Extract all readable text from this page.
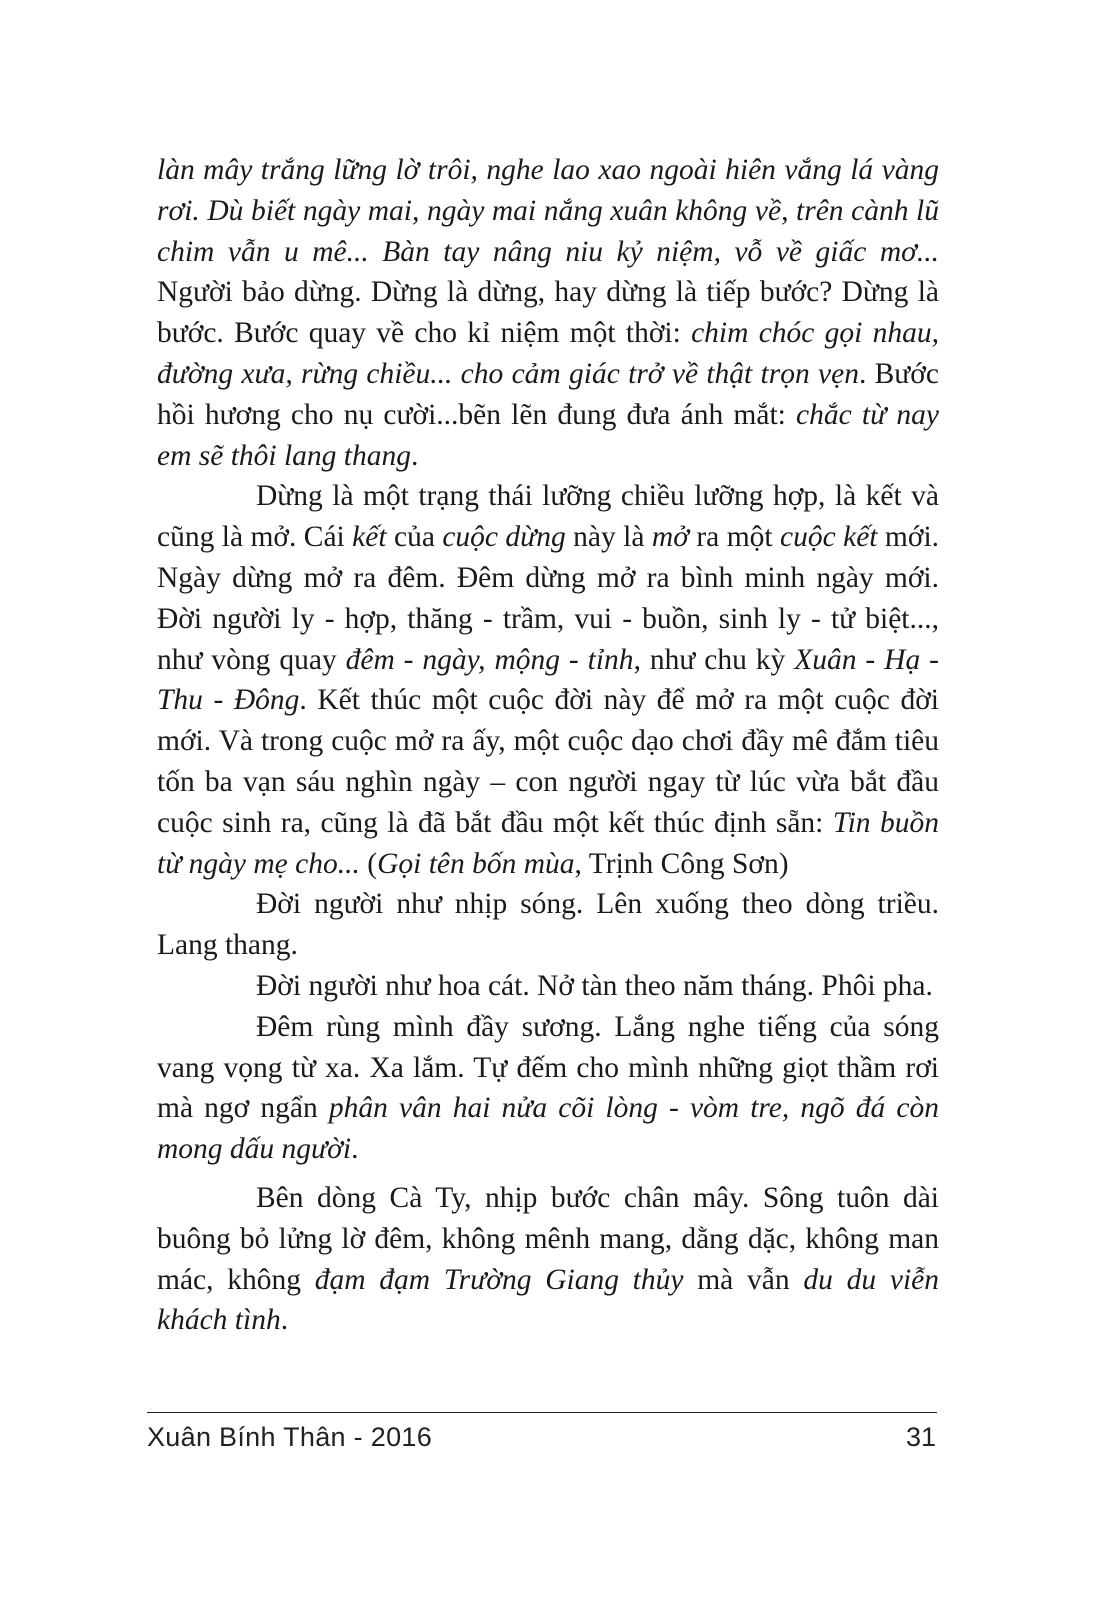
làn mây trắng lững lờ trôi, nghe lao xao ngoài hiên vắng lá vàng rơi. Dù biết ngày mai, ngày mai nắng xuân không về, trên cành lũ chim vẫn u mê... Bàn tay nâng niu kỷ niệm, vỗ về giấc mơ... Người bảo dừng. Dừng là dừng, hay dừng là tiếp bước? Dừng là bước. Bước quay về cho kỉ niệm một thời: chim chóc gọi nhau, đường xưa, rừng chiều... cho cảm giác trở về thật trọn vẹn. Bước hồi hương cho nụ cười...bẽn lẽn đung đưa ánh mắt: chắc từ nay em sẽ thôi lang thang.

Dừng là một trạng thái lưỡng chiều lưỡng hợp, là kết và cũng là mở. Cái kết của cuộc dừng này là mở ra một cuộc kết mới. Ngày dừng mở ra đêm. Đêm dừng mở ra bình minh ngày mới. Đời người ly - hợp, thăng - trầm, vui - buồn, sinh ly - tử biệt..., như vòng quay đêm - ngày, mộng - tỉnh, như chu kỳ Xuân - Hạ - Thu - Đông. Kết thúc một cuộc đời này để mở ra một cuộc đời mới. Và trong cuộc mở ra ấy, một cuộc dạo chơi đầy mê đắm tiêu tốn ba vạn sáu nghìn ngày – con người ngay từ lúc vừa bắt đầu cuộc sinh ra, cũng là đã bắt đầu một kết thúc định sẵn: Tin buồn từ ngày mẹ cho... (Gọi tên bốn mùa, Trịnh Công Sơn)

Đời người như nhịp sóng. Lên xuống theo dòng triều. Lang thang.

Đời người như hoa cát. Nở tàn theo năm tháng. Phôi pha.

Đêm rùng mình đầy sương. Lắng nghe tiếng của sóng vang vọng từ xa. Xa lắm. Tự đếm cho mình những giọt thầm rơi mà ngơ ngẩn phân vân hai nửa cõi lòng - vòm tre, ngõ đá còn mong dấu người.

Bên dòng Cà Ty, nhịp bước chân mây. Sông tuôn dài buông bỏ lửng lờ đêm, không mênh mang, dằng dặc, không man mác, không đạm đạm Trường Giang thủy mà vẫn du du viễn khách tình.

Xuân Bính Thân - 2016	31
